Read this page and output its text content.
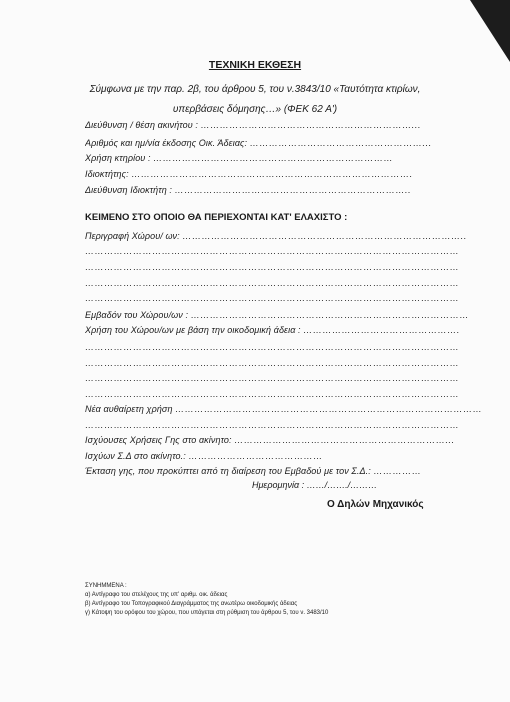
ΤΕΧΝΙΚΗ ΕΚΘΕΣΗ
Σύμφωνα με την παρ. 2β, του άρθρου 5, του ν.3843/10 «Ταυτότητα κτιρίων,
υπερβάσεις δόμησης…» (ΦΕΚ 62 Α')
Διεύθυνση / θέση ακινήτου : …………………………………………………………...
Αριθμός και ημ/νία έκδοσης Οικ. Άδειας: ………………………………………………...
Χρήση κτηρίου : …………………………………………………………………
Ιδιοκτήτης: …………………………………………………………………………….
Διεύθυνση Ιδιοκτήτη : ………………………………………………………………..
ΚΕΙΜΕΝΟ ΣΤΟ ΟΠΟΙΟ ΘΑ ΠΕΡΙΕΧΟΝΤΑΙ ΚΑΤ' ΕΛΑΧΙΣΤΟ :
Περιγραφή Χώρου/ ων: ……………………………………………………………………………..
………………………………………………………………………………………………………
………………………………………………………………………………………………………
………………………………………………………………………………………………………
………………………………………………………………………………………………………
Εμβαδόν του Χώρου/ων : ……………………………………………………………………………
Χρήση του Χώρου/ων με βάση την οικοδομική άδεια : ………………………………………….
………………………………………………………………………………………………………
………………………………………………………………………………………………………
………………………………………………………………………………………………………
………………………………………………………………………………………………………
Νέα αυθαίρετη χρήση ……………………………………………………………………………………
………………………………………………………………………………………………………
Ισχύουσες Χρήσεις Γης στο ακίνητο: …………………………………………………………...
Ισχύων Σ.Δ στο ακίνητο.: ……………………………………
Έκταση γης, που προκύπτει από τη διαίρεση του Εμβαδού με τον Σ.Δ.: ……………
Ημερομηνία : ……/……./………
Ο Δηλών Μηχανικός
ΣΥΝΗΜΜΕΝΑ :
α) Αντίγραφο του στελέχους της υπ' αριθμ. οικ. άδειας
β) Αντίγραφο του Τοπογραφικού Διαγράμματος της ανωτέρω οικοδομικής άδειας
γ) Κάτοψη του ορόφου του χώρου, που υπάγεται στη ρύθμιση του άρθρου 5, του ν. 3483/10
